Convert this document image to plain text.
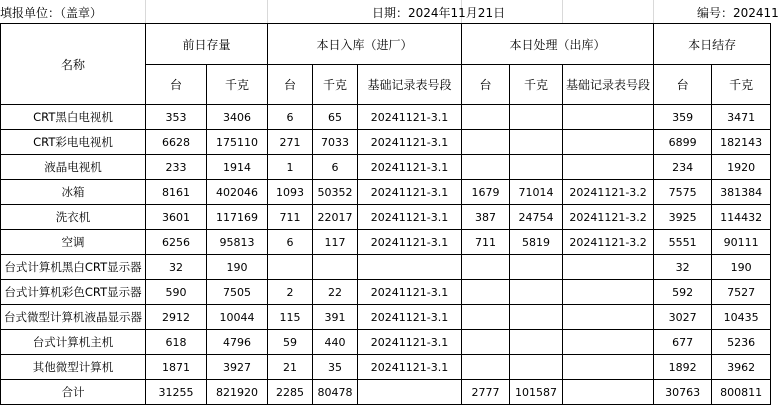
填报单位：（盖章）	日期：2024年11月21日	编号：202411
名称	前日存量		本日入库（进厂）			本日处理（出库）			本日结存	
	台	千克	台	千克	基础记录表号段	台	千克	基础记录表号段	台	千克
CRT黑白电视机	353	3406	6	65	20241121-3.1				359	3471
CRT彩电电视机	6628	175110	271	7033	20241121-3.1				6899	182143
液晶电视机	233	1914	1	6	20241121-3.1				234	1920
冰箱	8161	402046	1093	50352	20241121-3.1	1679	71014	20241121-3.2	7575	381384
洗衣机	3601	117169	711	22017	20241121-3.1	387	24754	20241121-3.2	3925	114432
空调	6256	95813	6	117	20241121-3.1	711	5819	20241121-3.2	5551	90111
台式计算机黑白CRT显示器	32	190							32	190
台式计算机彩色CRT显示器	590	7505	2	22	20241121-3.1				592	7527
台式微型计算机液晶显示器	2912	10044	115	391	20241121-3.1				3027	10435
台式计算机主机	618	4796	59	440	20241121-3.1				677	5236
其他微型计算机	1871	3927	21	35	20241121-3.1				1892	3962
合计	31255	821920	2285	80478		2777	101587		30763	800811
